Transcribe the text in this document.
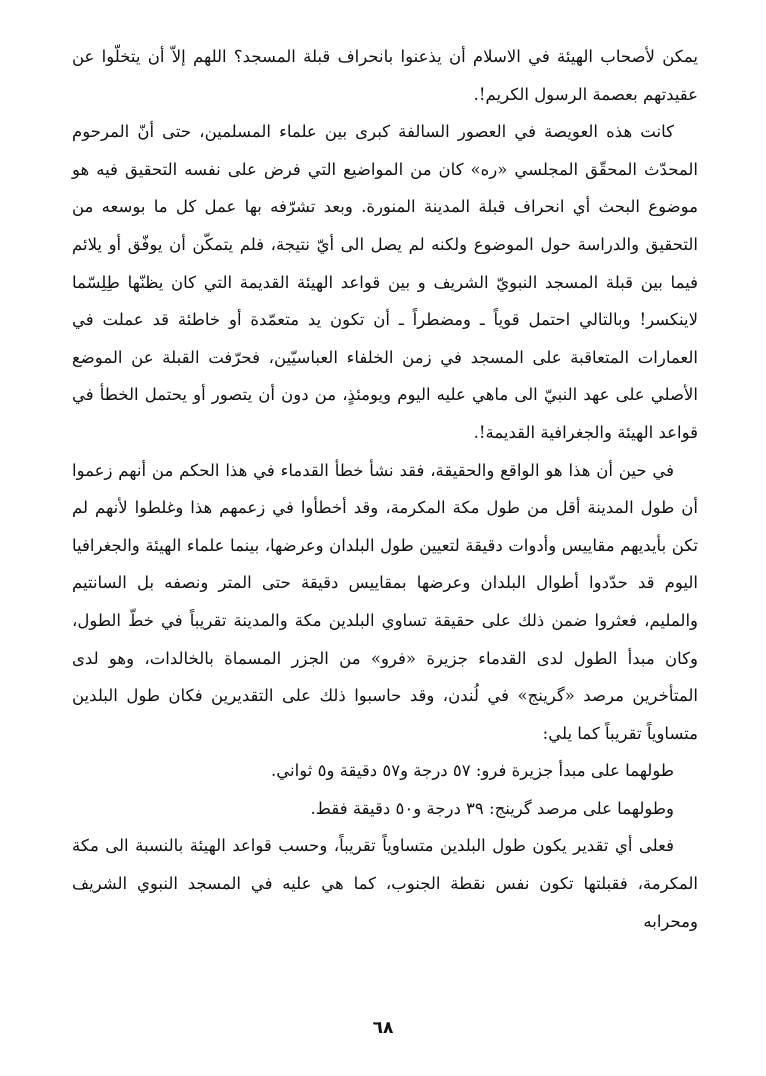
يمكن لأصحاب الهيئة في الاسلام أن يذعنوا بانحراف قبلة المسجد؟ اللهم إلاّ أن يتخلّوا عن عقيدتهم بعصمة الرسول الكريم!.

كانت هذه العويصة في العصور السالفة كبرى بين علماء المسلمين، حتى أنّ المرحوم المحدّث المحقّق المجلسي «ره» كان من المواضيع التي فرض على نفسه التحقيق فيه هو موضوع البحث أي انحراف قبلة المدينة المنورة. وبعد تشرّفه بها عمل كل ما بوسعه من التحقيق والدراسة حول الموضوع ولكنه لم يصل الى أيّ نتيجة، فلم يتمكّن أن يوفّق أو يلائم فيما بين قبلة المسجد النبويّ الشريف و بين قواعد الهيئة القديمة التي كان يظنّها طِلِسّما لاينكسر! وبالتالي احتمل قوياً ـ ومضطراً ـ أن تكون يد متعمّدة أو خاطئة قد عملت في العمارات المتعاقبة على المسجد في زمن الخلفاء العباسيّين، فحرّفت القبلة عن الموضع الأصلي على عهد النبيّ الى ماهي عليه اليوم ويومئذٍ، من دون أن يتصور أو يحتمل الخطأ في قواعد الهيئة والجغرافية القديمة!.

في حين أن هذا هو الواقع والحقيقة، فقد نشأ خطأ القدماء في هذا الحكم من أنهم زعموا أن طول المدينة أقل من طول مكة المكرمة، وقد أخطأوا في زعمهم هذا وغلطوا لأنهم لم تكن بأيديهم مقاييس وأدوات دقيقة لتعيين طول البلدان وعرضها، بينما علماء الهيئة والجغرافيا اليوم قد حدّدوا أطوال البلدان وعرضها بمقاييس دقيقة حتى المتر ونصفه بل السانتيم والمليم، فعثروا ضمن ذلك على حقيقة تساوي البلدين مكة والمدينة تقريباً في خطّ الطول، وكان مبدأ الطول لدى القدماء جزيرة «فرو» من الجزر المسماة بالخالدات، وهو لدى المتأخرين مرصد «گرينج» في لُندن، وقد حاسبوا ذلك على التقديرين فكان طول البلدين متساوياً تقريباً كما يلي:

طولهما على مبدأ جزيرة فرو: ٥٧ درجة و٥٧ دقيقة و٥ ثواني.

وطولهما على مرصد گرينج: ٣٩ درجة و٥٠ دقيقة فقط.

فعلى أي تقدير يكون طول البلدين متساوياً تقريباً، وحسب قواعد الهيئة بالنسبة الى مكة المكرمة، فقبلتها تكون نفس نقطة الجنوب، كما هي عليه في المسجد النبوي الشريف ومحرابه

٦٨
